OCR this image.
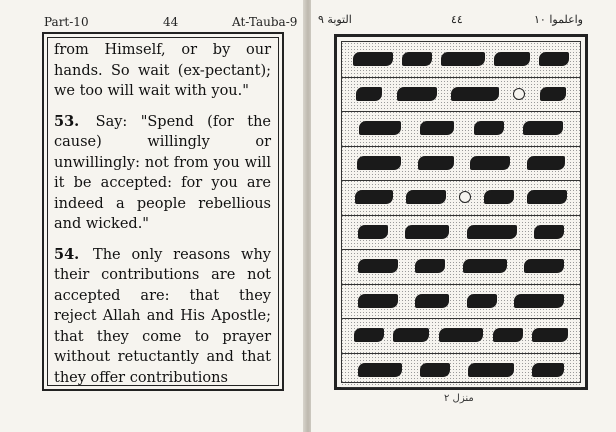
Part-10	44	At-Tauba-9

from Himself, or by our hands. So wait (ex-pectant); we too will wait with you."

53. Say: "Spend (for the cause) willingly or unwillingly: not from you will it be accepted: for you are indeed a people rebellious and wicked."

54. The only reasons why their contributions are not accepted are: that they reject Allah and His Apostle; that they come to prayer without retuctantly and that they offer contributions

التوبة ٩	٤٤	واعلموا ١٠
منزل ٢
